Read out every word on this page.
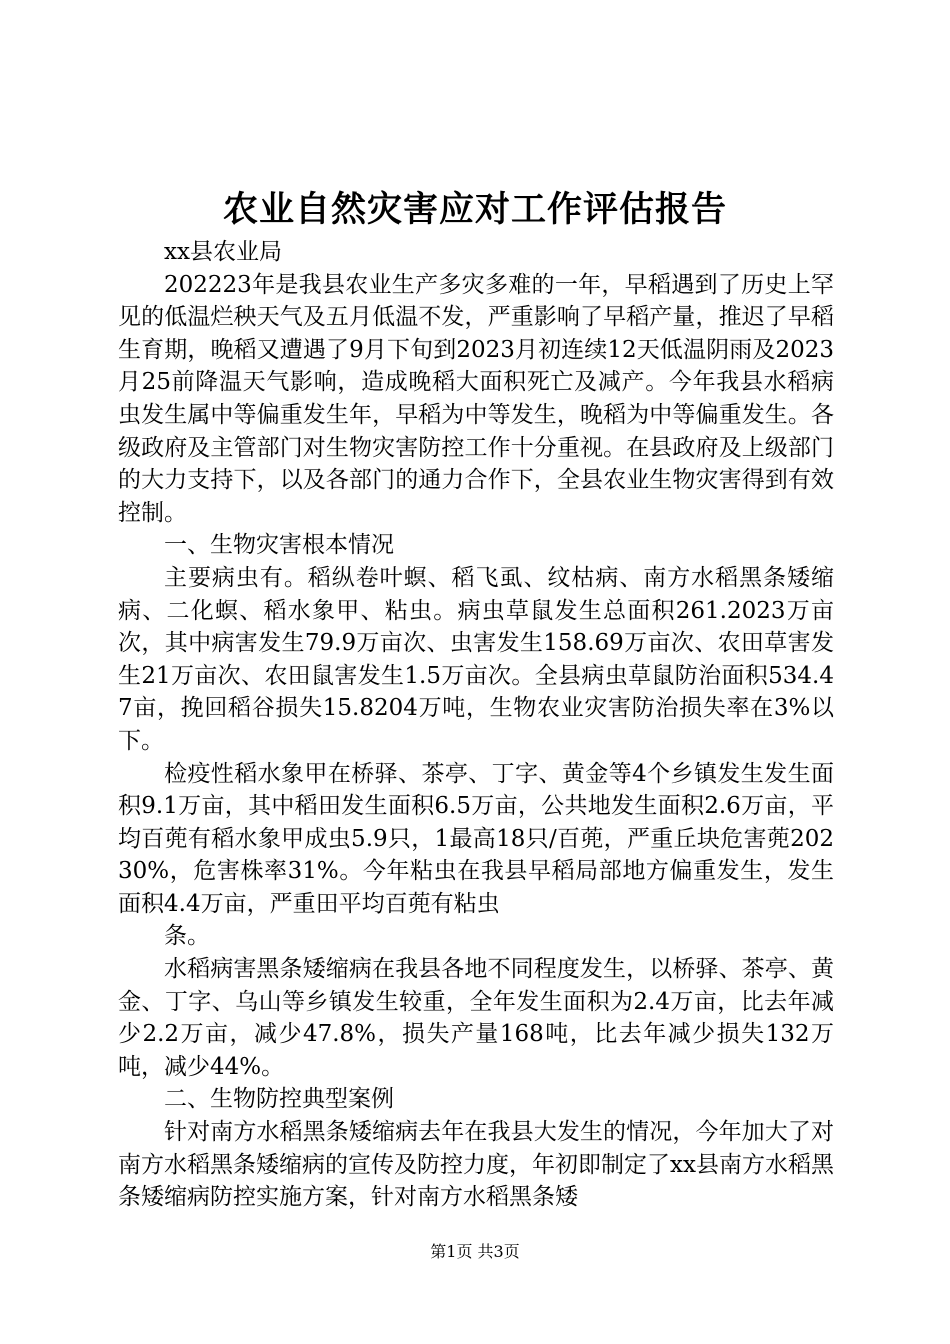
农业自然灾害应对工作评估报告

xx县农业局

202223年是我县农业生产多灾多难的一年，早稻遇到了历史上罕见的低温烂秧天气及五月低温不发，严重影响了早稻产量，推迟了早稻生育期，晚稻又遭遇了9月下旬到2023月初连续12天低温阴雨及2023月25前降温天气影响，造成晚稻大面积死亡及减产。今年我县水稻病虫发生属中等偏重发生年，早稻为中等发生，晚稻为中等偏重发生。各级政府及主管部门对生物灾害防控工作十分重视。在县政府及上级部门的大力支持下，以及各部门的通力合作下，全县农业生物灾害得到有效控制。

一、生物灾害根本情况

主要病虫有。稻纵卷叶螟、稻飞虱、纹枯病、南方水稻黑条矮缩病、二化螟、稻水象甲、粘虫。病虫草鼠发生总面积261.2023万亩次，其中病害发生79.9万亩次、虫害发生158.69万亩次、农田草害发生21万亩次、农田鼠害发生1.5万亩次。全县病虫草鼠防治面积534.47亩，挽回稻谷损失15.8204万吨，生物农业灾害防治损失率在3%以下。

检疫性稻水象甲在桥驿、茶亭、丁字、黄金等4个乡镇发生发生面积9.1万亩，其中稻田发生面积6.5万亩，公共地发生面积2.6万亩，平均百蔸有稻水象甲成虫5.9只，1最高18只/百蔸，严重丘块危害蔸20230%，危害株率31%。今年粘虫在我县早稻局部地方偏重发生，发生面积4.4万亩，严重田平均百蔸有粘虫

条。

水稻病害黑条矮缩病在我县各地不同程度发生，以桥驿、茶亭、黄金、丁字、乌山等乡镇发生较重，全年发生面积为2.4万亩，比去年减少2.2万亩，减少47.8%，损失产量168吨，比去年减少损失132万吨，减少44%。

二、生物防控典型案例

针对南方水稻黑条矮缩病去年在我县大发生的情况，今年加大了对南方水稻黑条矮缩病的宣传及防控力度，年初即制定了xx县南方水稻黑条矮缩病防控实施方案，针对南方水稻黑条矮

第1页 共3页
